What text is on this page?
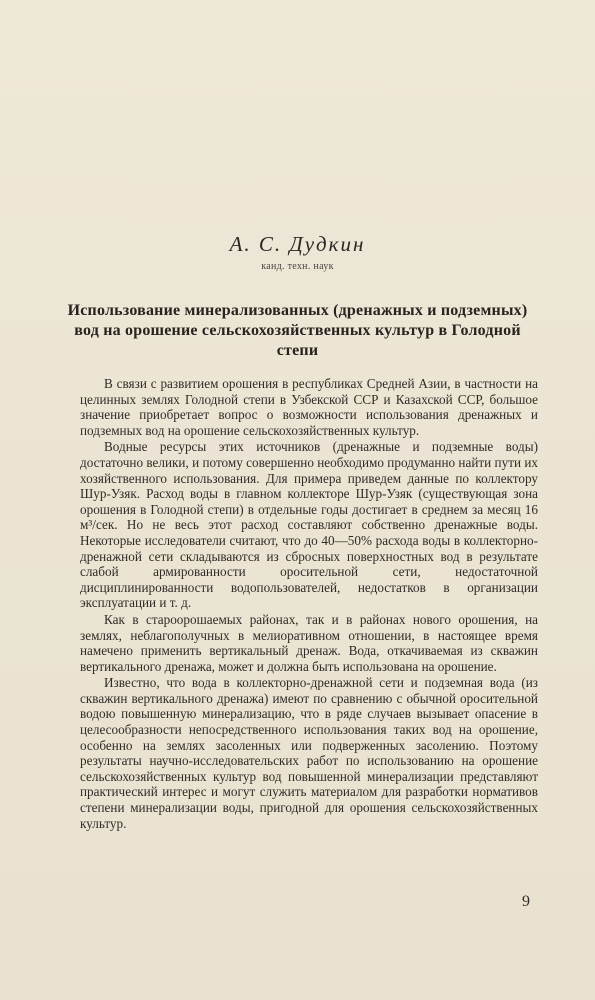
А. С. Дудкин
канд. техн. наук
Использование минерализованных (дренажных и подземных) вод на орошение сельскохозяйственных культур в Голодной степи

В связи с развитием орошения в республиках Средней Азии, в частности на целинных землях Голодной степи в Узбекской ССР и Казахской ССР, большое значение приобретает вопрос о возможности использования дренажных и подземных вод на орошение сельскохозяйственных культур.

Водные ресурсы этих источников (дренажные и подземные воды) достаточно велики, и потому совершенно необходимо продуманно найти пути их хозяйственного использования. Для примера приведем данные по коллектору Шур-Узяк. Расход воды в главном коллекторе Шур-Узяк (существующая зона орошения в Голодной степи) в отдельные годы достигает в среднем за месяц 16 м³/сек. Но не весь этот расход составляют собственно дренажные воды. Некоторые исследователи считают, что до 40—50% расхода воды в коллекторно-дренажной сети складываются из сбросных поверхностных вод в результате слабой армированности оросительной сети, недостаточной дисциплинированности водопользователей, недостатков в организации эксплуатации и т. д.

Как в староорошаемых районах, так и в районах нового орошения, на землях, неблагополучных в мелиоративном отношении, в настоящее время намечено применить вертикальный дренаж. Вода, откачиваемая из скважин вертикального дренажа, может и должна быть использована на орошение.

Известно, что вода в коллекторно-дренажной сети и подземная вода (из скважин вертикального дренажа) имеют по сравнению с обычной оросительной водою повышенную минерализацию, что в ряде случаев вызывает опасение в целесообразности непосредственного использования таких вод на орошение, особенно на землях засоленных или подверженных засолению. Поэтому результаты научно-исследовательских работ по использованию на орошение сельскохозяйственных культур вод повышенной минерализации представляют практический интерес и могут служить материалом для разработки нормативов степени минерализации воды, пригодной для орошения сельскохозяйственных культур.

9
